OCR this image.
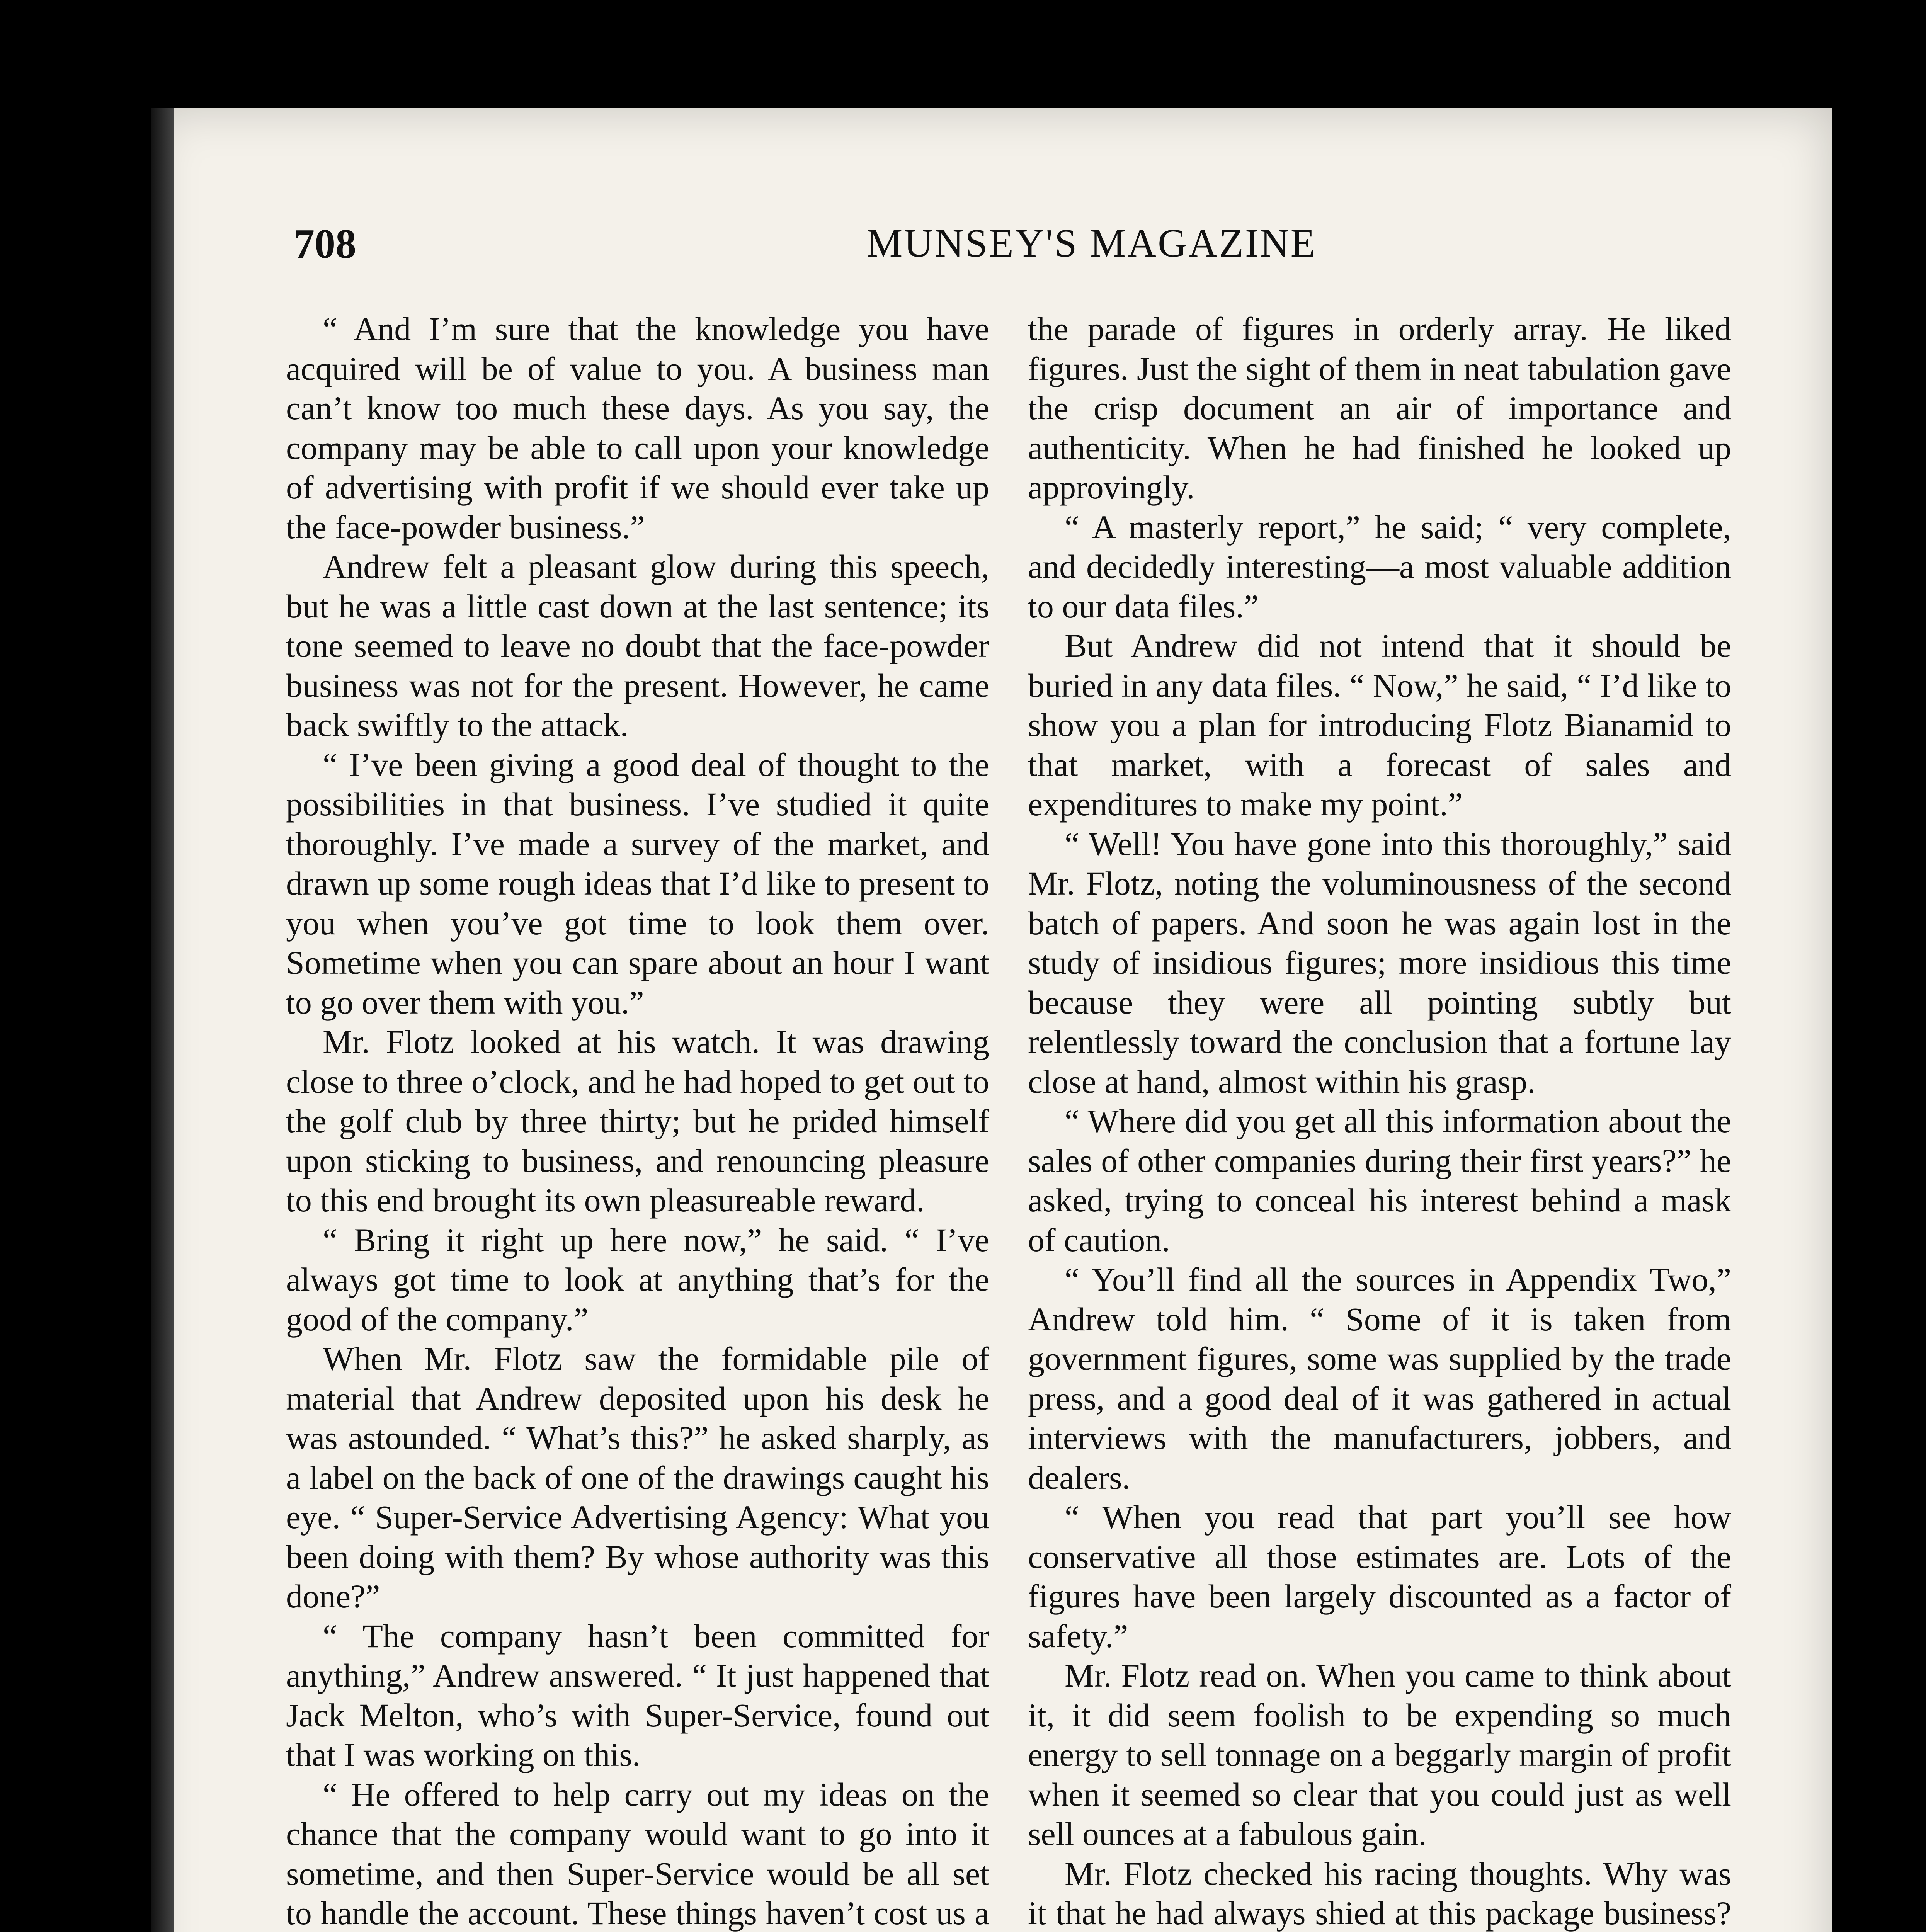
708	MUNSEY'S MAGAZINE

“ And I’m sure that the knowledge you have acquired will be of value to you. A business man can’t know too much these days. As you say, the company may be able to call upon your knowledge of advertising with profit if we should ever take up the face-powder business.”

Andrew felt a pleasant glow during this speech, but he was a little cast down at the last sentence; its tone seemed to leave no doubt that the face-powder business was not for the present. However, he came back swiftly to the attack.

“ I’ve been giving a good deal of thought to the possibilities in that business. I’ve studied it quite thoroughly. I’ve made a survey of the market, and drawn up some rough ideas that I’d like to present to you when you’ve got time to look them over. Sometime when you can spare about an hour I want to go over them with you.”

Mr. Flotz looked at his watch. It was drawing close to three o’clock, and he had hoped to get out to the golf club by three thirty; but he prided himself upon sticking to business, and renouncing pleasure to this end brought its own pleasureable reward.

“ Bring it right up here now,” he said. “ I’ve always got time to look at anything that’s for the good of the company.”

When Mr. Flotz saw the formidable pile of material that Andrew deposited upon his desk he was astounded. “ What’s this?” he asked sharply, as a label on the back of one of the drawings caught his eye. “ Super-Service Advertising Agency: What you been doing with them? By whose authority was this done?”

“ The company hasn’t been committed for anything,” Andrew answered. “ It just happened that Jack Melton, who’s with Super-Service, found out that I was working on this.

“ He offered to help carry out my ideas on the chance that the company would want to go into it sometime, and then Super-Service would be all set to handle the account. These things haven’t cost us a

the parade of figures in orderly array. He liked figures. Just the sight of them in neat tabulation gave the crisp document an air of importance and authenticity. When he had finished he looked up approvingly.

“ A masterly report,” he said; “ very complete, and decidedly interesting—a most valuable addition to our data files.”

But Andrew did not intend that it should be buried in any data files. “ Now,” he said, “ I’d like to show you a plan for introducing Flotz Bianamid to that market, with a forecast of sales and expenditures to make my point.”

“ Well! You have gone into this thoroughly,” said Mr. Flotz, noting the voluminousness of the second batch of papers. And soon he was again lost in the study of insidious figures; more insidious this time because they were all pointing subtly but relentlessly toward the conclusion that a fortune lay close at hand, almost within his grasp.

“ Where did you get all this information about the sales of other companies during their first years?” he asked, trying to conceal his interest behind a mask of caution.

“ You’ll find all the sources in Appendix Two,” Andrew told him. “ Some of it is taken from government figures, some was supplied by the trade press, and a good deal of it was gathered in actual interviews with the manufacturers, jobbers, and dealers.

“ When you read that part you’ll see how conservative all those estimates are. Lots of the figures have been largely discounted as a factor of safety.”

Mr. Flotz read on. When you came to think about it, it did seem foolish to be expending so much energy to sell tonnage on a beggarly margin of profit when it seemed so clear that you could just as well sell ounces at a fabulous gain.

Mr. Flotz checked his racing thoughts. Why was it that he had always shied at this package business?
